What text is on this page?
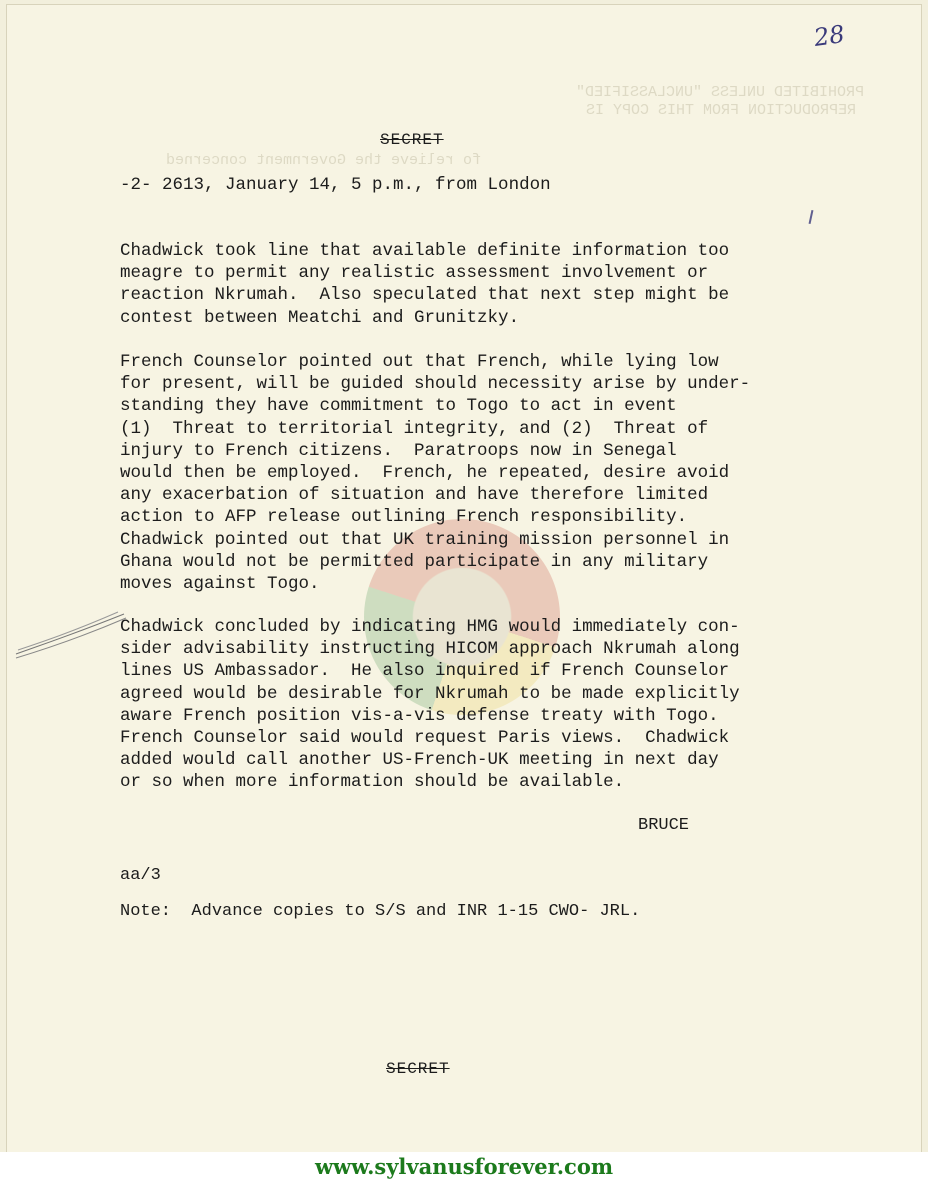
PROHIBITED UNLESS "UNCLASSIFIED"
REPRODUCTION FROM THIS COPY IS
fo relieve the Government concerned
28
SECRET
-2- 2613, January 14, 5 p.m., from London
Chadwick took line that available definite information too
meagre to permit any realistic assessment involvement or
reaction Nkrumah.  Also speculated that next step might be
contest between Meatchi and Grunitzky.
French Counselor pointed out that French, while lying low
for present, will be guided should necessity arise by under-
standing they have commitment to Togo to act in event
(1)  Threat to territorial integrity, and (2)  Threat of
injury to French citizens.  Paratroops now in Senegal
would then be employed.  French, he repeated, desire avoid
any exacerbation of situation and have therefore limited
action to AFP release outlining French responsibility.
Chadwick pointed out that UK training mission personnel in
Ghana would not be permitted participate in any military
moves against Togo.
Chadwick concluded by indicating HMG would immediately con-
sider advisability instructing HICOM approach Nkrumah along
lines US Ambassador.  He also inquired if French Counselor
agreed would be desirable for Nkrumah to be made explicitly
aware French position vis-a-vis defense treaty with Togo.
French Counselor said would request Paris views.  Chadwick
added would call another US-French-UK meeting in next day
or so when more information should be available.
BRUCE
aa/3
Note:  Advance copies to S/S and INR 1-15 CWO- JRL.
SECRET
www.sylvanusforever.com
